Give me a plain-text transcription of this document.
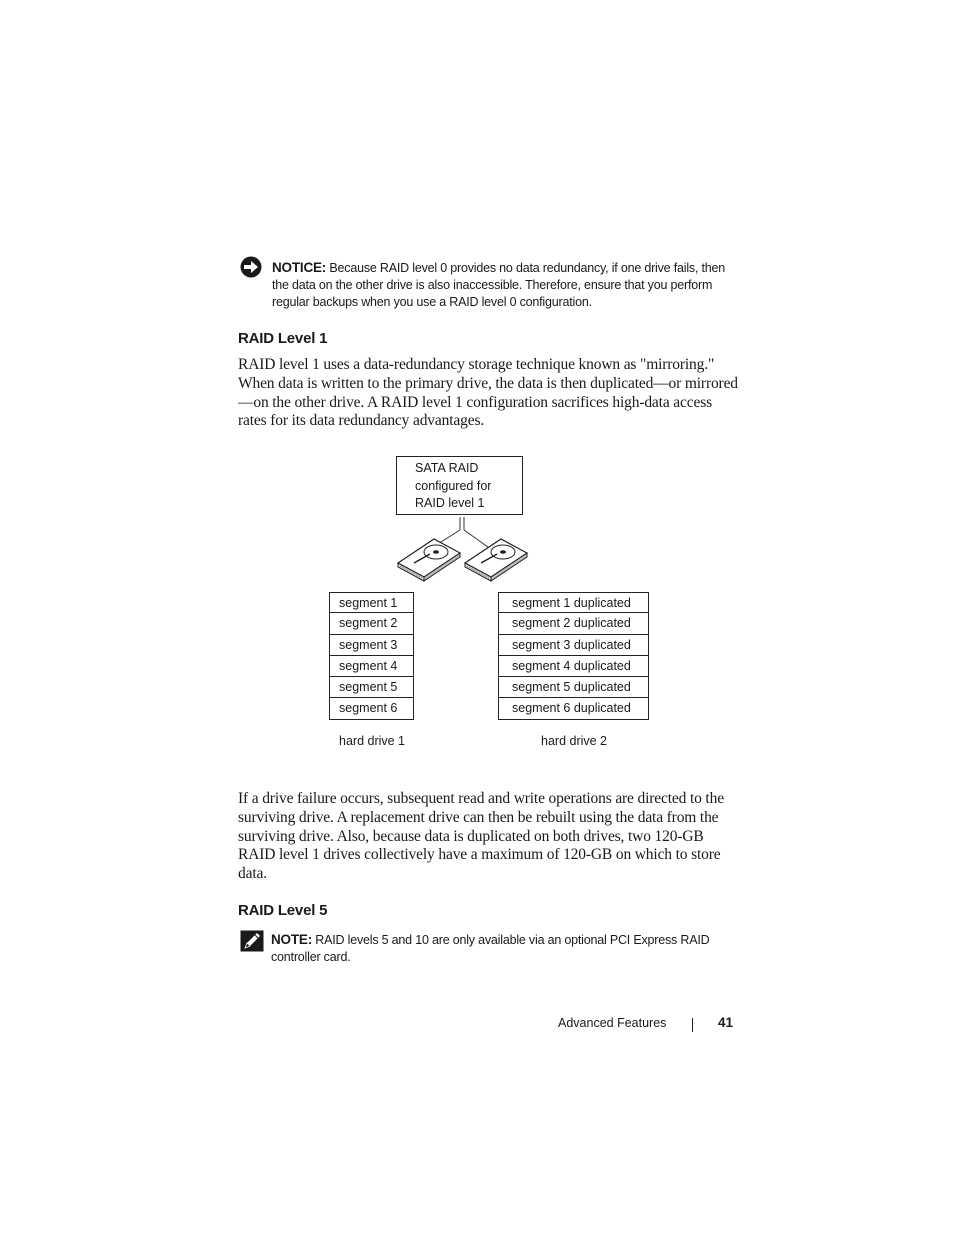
NOTICE: Because RAID level 0 provides no data redundancy, if one drive fails, then the data on the other drive is also inaccessible. Therefore, ensure that you perform regular backups when you use a RAID level 0 configuration.
RAID Level 1
RAID level 1 uses a data-redundancy storage technique known as "mirroring." When data is written to the primary drive, the data is then duplicated—or mirrored—on the other drive. A RAID level 1 configuration sacrifices high-data access rates for its data redundancy advantages.
SATA RAID
configured for
RAID level 1
segment 1
segment 2
segment 3
segment 4
segment 5
segment 6
segment 1 duplicated
segment 2 duplicated
segment 3 duplicated
segment 4 duplicated
segment 5 duplicated
segment 6 duplicated
hard drive 1	hard drive 2
If a drive failure occurs, subsequent read and write operations are directed to the surviving drive. A replacement drive can then be rebuilt using the data from the surviving drive. Also, because data is duplicated on both drives, two 120-GB RAID level 1 drives collectively have a maximum of 120-GB on which to store data.
RAID Level 5
NOTE: RAID levels 5 and 10 are only available via an optional PCI Express RAID controller card.
Advanced Features	41
